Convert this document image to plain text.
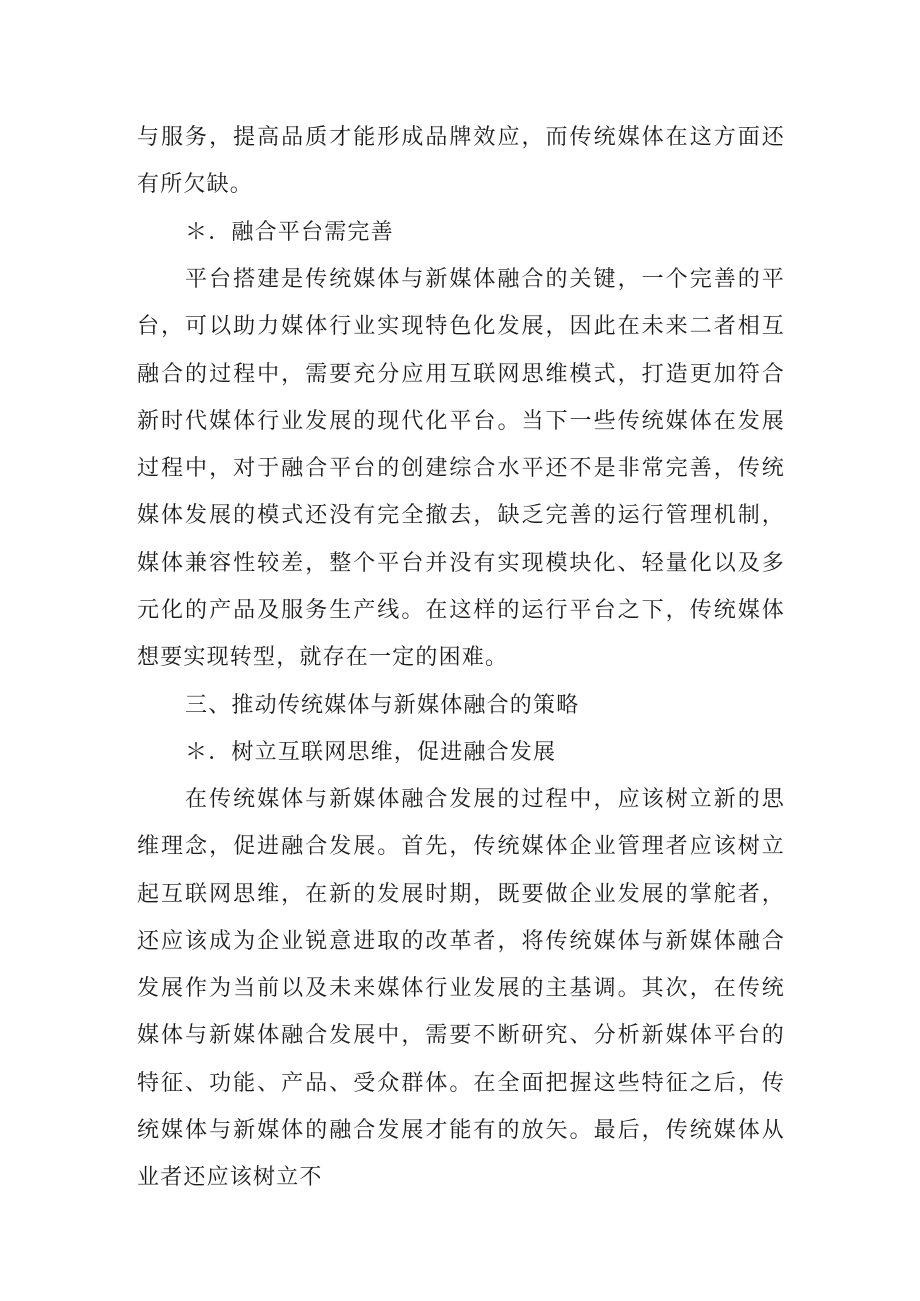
与服务，提高品质才能形成品牌效应，而传统媒体在这方面还有所欠缺。

＊．融合平台需完善

平台搭建是传统媒体与新媒体融合的关键，一个完善的平台，可以助力媒体行业实现特色化发展，因此在未来二者相互融合的过程中，需要充分应用互联网思维模式，打造更加符合新时代媒体行业发展的现代化平台。当下一些传统媒体在发展过程中，对于融合平台的创建综合水平还不是非常完善，传统媒体发展的模式还没有完全撤去，缺乏完善的运行管理机制，媒体兼容性较差，整个平台并没有实现模块化、轻量化以及多元化的产品及服务生产线。在这样的运行平台之下，传统媒体想要实现转型，就存在一定的困难。

三、推动传统媒体与新媒体融合的策略

＊．树立互联网思维，促进融合发展

在传统媒体与新媒体融合发展的过程中，应该树立新的思维理念，促进融合发展。首先，传统媒体企业管理者应该树立起互联网思维，在新的发展时期，既要做企业发展的掌舵者，还应该成为企业锐意进取的改革者，将传统媒体与新媒体融合发展作为当前以及未来媒体行业发展的主基调。其次，在传统媒体与新媒体融合发展中，需要不断研究、分析新媒体平台的特征、功能、产品、受众群体。在全面把握这些特征之后，传统媒体与新媒体的融合发展才能有的放矢。最后，传统媒体从业者还应该树立不
